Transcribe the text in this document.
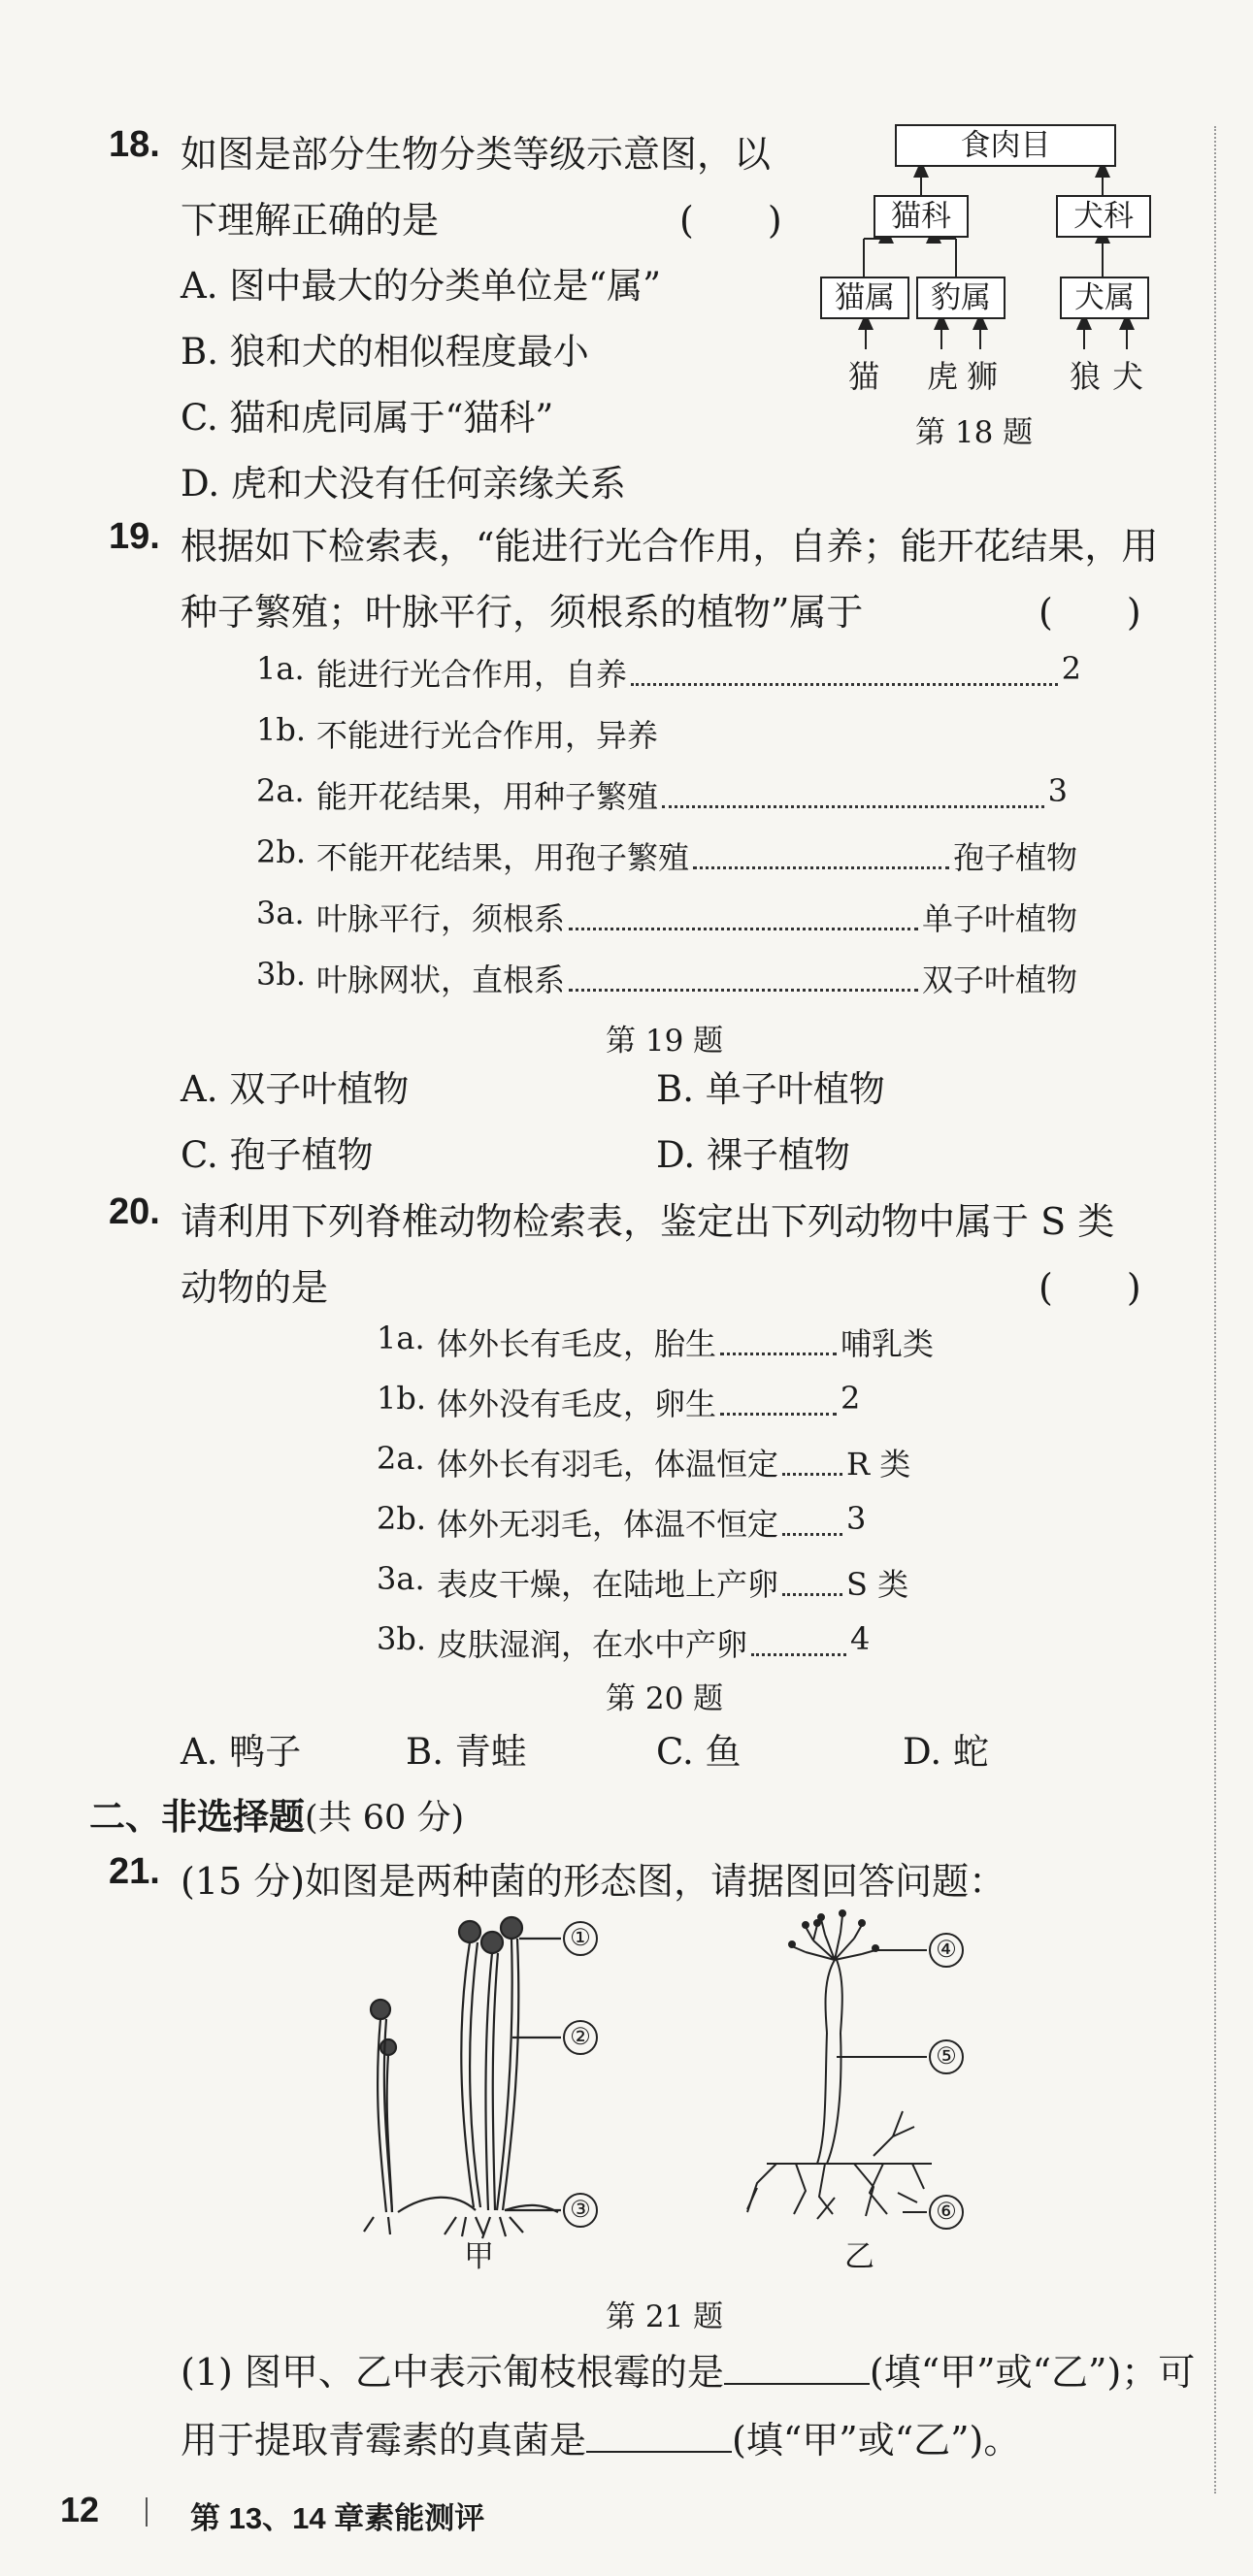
18. 如图是部分生物分类等级示意图，以
下理解正确的是	(　　)
A. 图中最大的分类单位是“属”
B. 狼和犬的相似程度最小
C. 猫和虎同属于“猫科”
D. 虎和犬没有任何亲缘关系
食肉目
猫科	犬科
猫属	豹属	犬属
猫 虎 狮 狼 犬
第 18 题
19. 根据如下检索表，“能进行光合作用，自养；能开花结果，用
种子繁殖；叶脉平行，须根系的植物”属于	(　　)
1a. 能进行光合作用，自养	2
1b. 不能进行光合作用，异养
2a. 能开花结果，用种子繁殖	3
2b. 不能开花结果，用孢子繁殖	孢子植物
3a. 叶脉平行，须根系	单子叶植物
3b. 叶脉网状，直根系	双子叶植物
第 19 题
A. 双子叶植物	B. 单子叶植物
C. 孢子植物	D. 裸子植物
20. 请利用下列脊椎动物检索表，鉴定出下列动物中属于 S 类
动物的是	(　　)
1a. 体外长有毛皮，胎生	哺乳类
1b. 体外没有毛皮，卵生	2
2a. 体外长有羽毛，体温恒定 R 类
2b. 体外无羽毛，体温不恒定 3
3a. 表皮干燥，在陆地上产卵 S 类
3b. 皮肤湿润，在水中产卵	4
第 20 题
A. 鸭子	B. 青蛙	C. 鱼	D. 蛇
二、非选择题(共 60 分)
21. (15 分)如图是两种菌的形态图，请据图回答问题：
①
②
③
④
⑤
⑥
甲	乙
第 21 题
(1) 图甲、乙中表示匍枝根霉的是	(填“甲”或“乙”)；可
用于提取青霉素的真菌是	(填“甲”或“乙”)。
12	第 13、14 章素能测评
